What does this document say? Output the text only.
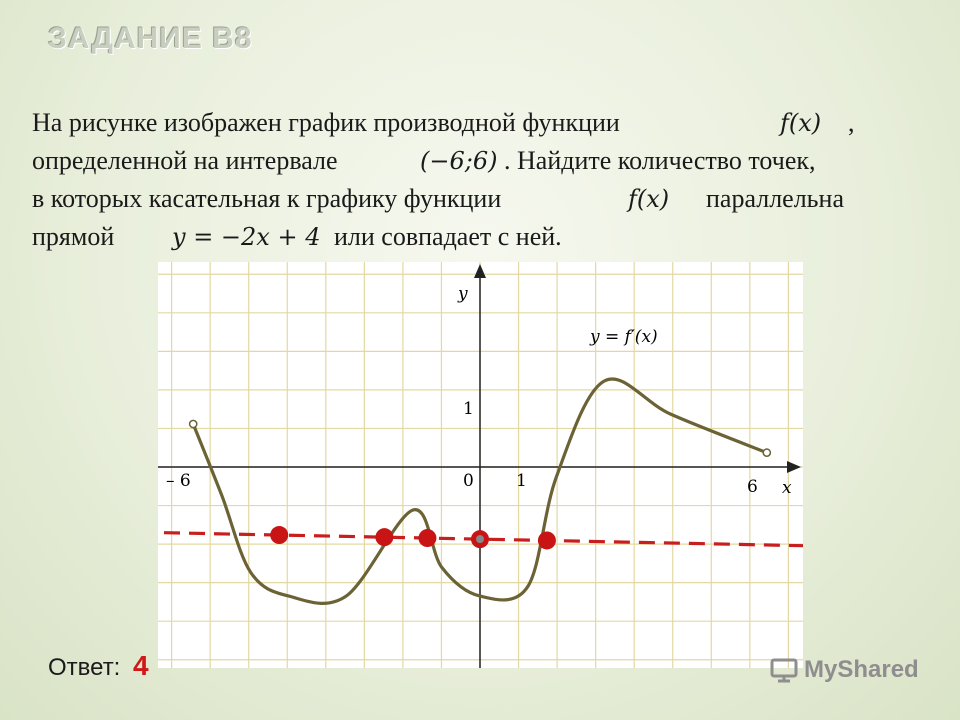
ЗАДАНИЕ В8
На рисунке изображен график производной функции	f(x) ,
определенной на интервале	(−6;6) . Найдите количество точек,
в которых касательная к графику функции	f(x) параллельна
прямой y = −2x + 4 или совпадает с ней.
y
x
– 6	0 1	6
1
y = f′(x)
Ответ: 4	MyShared
